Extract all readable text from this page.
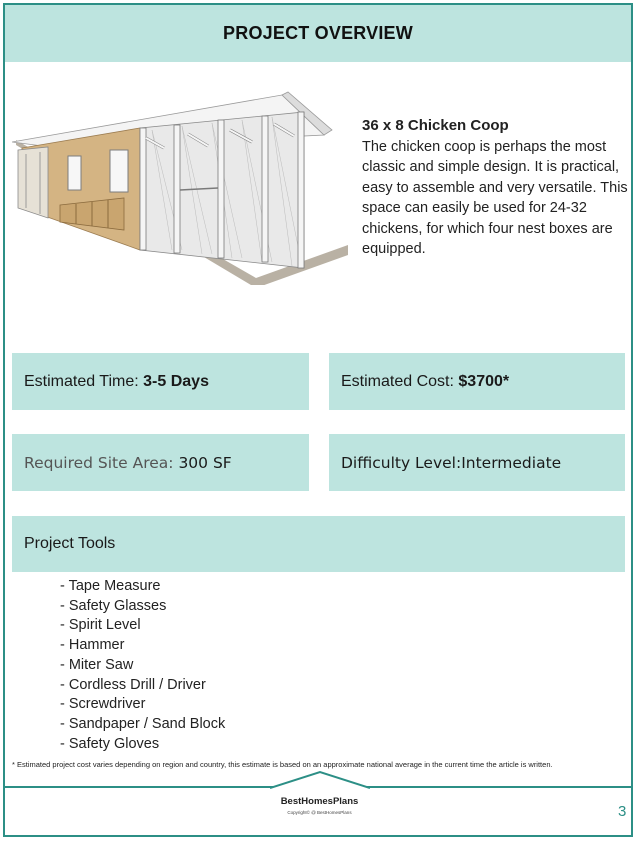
PROJECT OVERVIEW
36 x 8 Chicken Coop
The chicken coop is perhaps the most classic and simple design. It is practical, easy to assemble and very versatile. This space can easily be used for 24-32 chickens, for which four nest boxes are equipped.
Estimated Time:
3-5 Days	Estimated Cost:
$3700*
Required Site Area:
300 SF	Difficulty Level:Intermediate
Project Tools
- Tape Measure
- Safety Glasses
- Spirit Level
- Hammer
- Miter Saw
- Cordless Drill / Driver
- Screwdriver
- Sandpaper / Sand Block
- Safety Gloves
* Estimated project cost varies depending on region and country, this estimate is based on an approximate national average in the current time the article is written.
BestHomesPlans
Copyright© @ BestHomesPlans	3
